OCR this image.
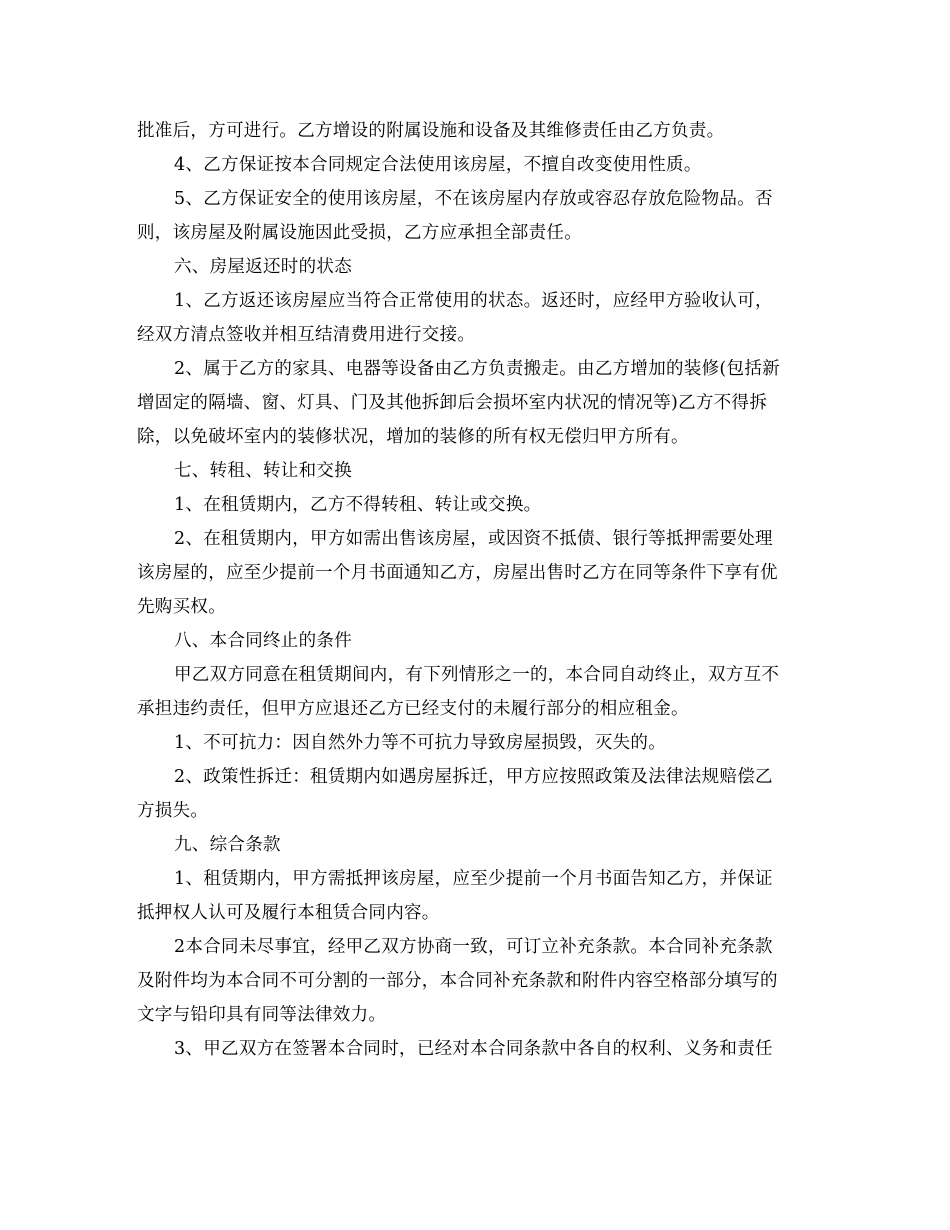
批准后，方可进行。乙方增设的附属设施和设备及其维修责任由乙方负责。
4、乙方保证按本合同规定合法使用该房屋，不擅自改变使用性质。
5、乙方保证安全的使用该房屋，不在该房屋内存放或容忍存放危险物品。否
则，该房屋及附属设施因此受损，乙方应承担全部责任。
六、房屋返还时的状态
1、乙方返还该房屋应当符合正常使用的状态。返还时，应经甲方验收认可，
经双方清点签收并相互结清费用进行交接。
2、属于乙方的家具、电器等设备由乙方负责搬走。由乙方增加的装修(包括新
增固定的隔墙、窗、灯具、门及其他拆卸后会损坏室内状况的情况等)乙方不得拆
除，以免破坏室内的装修状况，增加的装修的所有权无偿归甲方所有。
七、转租、转让和交换
1、在租赁期内，乙方不得转租、转让或交换。
2、在租赁期内，甲方如需出售该房屋，或因资不抵债、银行等抵押需要处理
该房屋的，应至少提前一个月书面通知乙方，房屋出售时乙方在同等条件下享有优
先购买权。
八、本合同终止的条件
甲乙双方同意在租赁期间内，有下列情形之一的，本合同自动终止，双方互不
承担违约责任，但甲方应退还乙方已经支付的未履行部分的相应租金。
1、不可抗力：因自然外力等不可抗力导致房屋损毁，灭失的。
2、政策性拆迁：租赁期内如遇房屋拆迁，甲方应按照政策及法律法规赔偿乙
方损失。
九、综合条款
1、租赁期内，甲方需抵押该房屋，应至少提前一个月书面告知乙方，并保证
抵押权人认可及履行本租赁合同内容。
2本合同未尽事宜，经甲乙双方协商一致，可订立补充条款。本合同补充条款
及附件均为本合同不可分割的一部分，本合同补充条款和附件内容空格部分填写的
文字与铅印具有同等法律效力。
3、甲乙双方在签署本合同时，已经对本合同条款中各自的权利、义务和责任
